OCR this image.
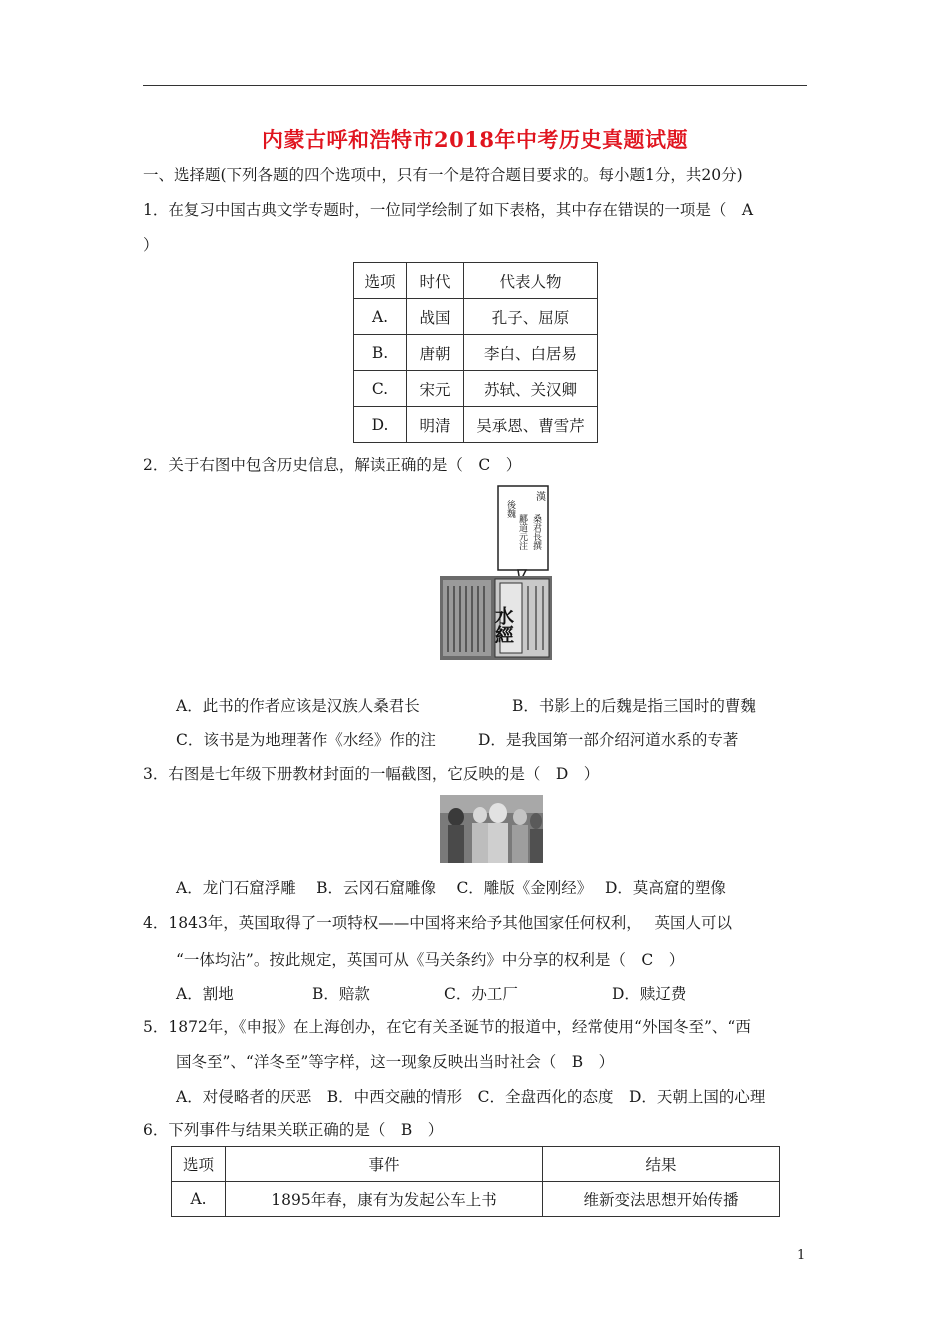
内蒙古呼和浩特市2018年中考历史真题试题
一、选择题(下列各题的四个选项中，只有一个是符合题目要求的。每小题1分，共20分)
1．在复习中国古典文学专题时，一位同学绘制了如下表格，其中存在错误的一项是（　A
）
选项	时代	代表人物
A.	战国	孔子、屈原
B.	唐朝	李白、白居易
C.	宋元	苏轼、关汉卿
D.	明清	吴承恩、曹雪芹
2．关于右图中包含历史信息，解读正确的是（　C　）
漢
後魏
桑君長撰
酈道元注
水經
A．此书的作者应该是汉族人桑君长	B．书影上的后魏是指三国时的曹魏
C．该书是为地理著作《水经》作的注	D．是我国第一部介绍河道水系的专著
3．右图是七年级下册教材封面的一幅截图，它反映的是（　D　）
A．龙门石窟浮雕　 B．云冈石窟雕像　 C．雕版《金刚经》　 D．莫高窟的塑像
4．1843年，英国取得了一项特权——中国将来给予其他国家任何权利，　 英国人可以
“一体均沾”。按此规定，英国可从《马关条约》中分享的权利是（　C　）
A．割地	B．赔款	C．办工厂	D．赎辽费
5．1872年，《申报》在上海创办，在它有关圣诞节的报道中，经常使用“外国冬至”、“西
国冬至”、“洋冬至”等字样，这一现象反映出当时社会（　B　）
A．对侵略者的厌恶　B．中西交融的情形　C．全盘西化的态度　D．天朝上国的心理
6．下列事件与结果关联正确的是（　B　）
选项	事件	结果
A.	1895年春，康有为发起公车上书	维新变法思想开始传播
1
